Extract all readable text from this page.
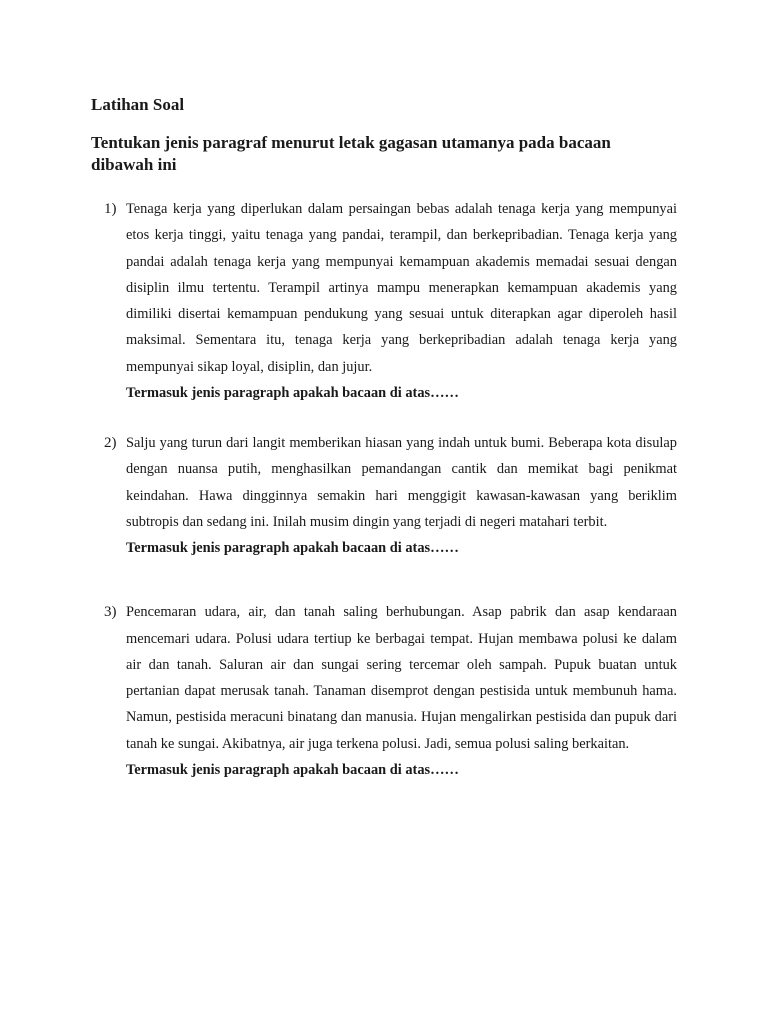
Latihan Soal
Tentukan jenis paragraf menurut letak gagasan utamanya pada bacaan dibawah ini
1) Tenaga kerja yang diperlukan dalam persaingan bebas adalah tenaga kerja yang mempunyai etos kerja tinggi, yaitu tenaga yang pandai, terampil, dan berkepribadian. Tenaga kerja yang pandai adalah tenaga kerja yang mempunyai kemampuan akademis memadai sesuai dengan disiplin ilmu tertentu. Terampil artinya mampu menerapkan kemampuan akademis yang dimiliki disertai kemampuan pendukung yang sesuai untuk diterapkan agar diperoleh hasil maksimal. Sementara itu, tenaga kerja yang berkepribadian adalah tenaga kerja yang mempunyai sikap loyal, disiplin, dan jujur.

Termasuk jenis paragraph apakah bacaan di atas……

2) Salju yang turun dari langit memberikan hiasan yang indah untuk bumi. Beberapa kota disulap dengan nuansa putih, menghasilkan pemandangan cantik dan memikat bagi penikmat keindahan. Hawa dingginnya semakin hari menggigit kawasan-kawasan yang beriklim subtropis dan sedang ini. Inilah musim dingin yang terjadi di negeri matahari terbit.

Termasuk jenis paragraph apakah bacaan di atas……

3) Pencemaran udara, air, dan tanah saling berhubungan. Asap pabrik dan asap kendaraan mencemari udara. Polusi udara tertiup ke berbagai tempat. Hujan membawa polusi ke dalam air dan tanah. Saluran air dan sungai sering tercemar oleh sampah. Pupuk buatan untuk pertanian dapat merusak tanah. Tanaman disemprot dengan pestisida untuk membunuh hama. Namun, pestisida meracuni binatang dan manusia. Hujan mengalirkan pestisida dan pupuk dari tanah ke sungai. Akibatnya, air juga terkena polusi. Jadi, semua polusi saling berkaitan.

Termasuk jenis paragraph apakah bacaan di atas……
